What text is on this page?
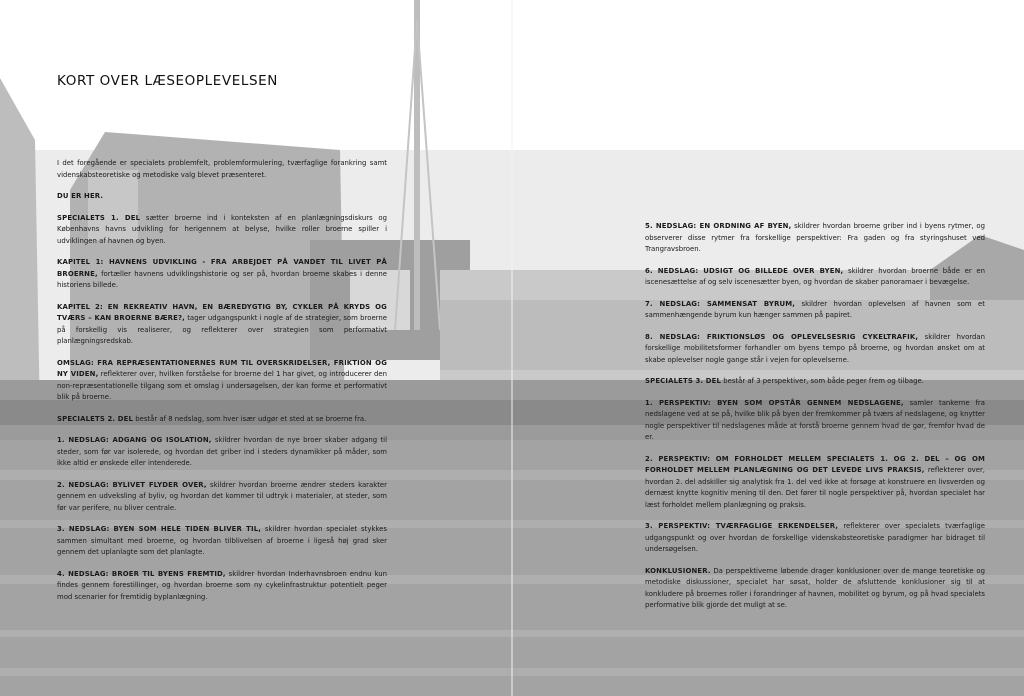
KORT OVER LÆSEOPLEVELSEN

I det foregående er specialets problemfelt, problemformulering, tværfaglige forankring samt videnskabsteoretiske og metodiske valg blevet præsenteret.

DU ER HER.

SPECIALETS 1. DEL sætter broerne ind i konteksten af en planlægningsdiskurs og Københavns havns udvikling for herigennem at belyse, hvilke roller broerne spiller i udviklingen af havnen og byen.

KAPITEL 1: HAVNENS UDVIKLING - FRA ARBEJDET PÅ VANDET TIL LIVET PÅ BROERNE, fortæller havnens udviklingshistorie og ser på, hvordan broerne skabes i denne historiens billede.

KAPITEL 2: EN REKREATIV HAVN, EN BÆREDYGTIG BY, CYKLER PÅ KRYDS OG TVÆRS – KAN BROERNE BÆRE?, tager udgangspunkt i nogle af de strategier, som broerne på forskellig vis realiserer, og reflekterer over strategien som performativt planlægningsredskab.

OMSLAG: FRA REPRÆSENTATIONERNES RUM TIL OVERSKRIDELSER, FRIKTION OG NY VIDEN, reflekterer over, hvilken forståelse for broerne del 1 har givet, og introducerer den non-repræsentationelle tilgang som et omslag i undersøgelsen, der kan forme et performativt blik på broerne.

SPECIALETS 2. DEL består af 8 nedslag, som hver især udgør et sted at se broerne fra.

1. NEDSLAG: ADGANG OG ISOLATION, skildrer hvordan de nye broer skaber adgang til steder, som før var isolerede, og hvordan det griber ind i steders dynamikker på måder, som ikke altid er ønskede eller intenderede.

2. NEDSLAG: BYLIVET FLYDER OVER, skildrer hvordan broerne ændrer steders karakter gennem en udveksling af byliv, og hvordan det kommer til udtryk i materialer, at steder, som før var perifere, nu bliver centrale.

3. NEDSLAG: BYEN SOM HELE TIDEN BLIVER TIL, skildrer hvordan specialet stykkes sammen simultant med broerne, og hvordan tilblivelsen af broerne i ligeså høj grad sker gennem det uplanlagte som det planlagte.

4. NEDSLAG: BROER TIL BYENS FREMTID, skildrer hvordan Inderhavnsbroen endnu kun findes gennem forestillinger, og hvordan broerne som ny cykelinfrastruktur potentielt peger mod scenarier for fremtidig byplanlægning.

5. NEDSLAG: EN ORDNING AF BYEN, skildrer hvordan broerne griber ind i byens rytmer, og observerer disse rytmer fra forskellige perspektiver: Fra gaden og fra styringshuset ved Trangravsbroen.

6. NEDSLAG: UDSIGT OG BILLEDE OVER BYEN, skildrer hvordan broerne både er en iscenesættelse af og selv iscenesætter byen, og hvordan de skaber panoramaer i bevægelse.

7. NEDSLAG: SAMMENSAT BYRUM, skildrer hvordan oplevelsen af havnen som et sammenhængende byrum kun hænger sammen på papiret.

8. NEDSLAG: FRIKTIONSLØS OG OPLEVELSESRIG CYKELTRAFIK, skildrer hvordan forskellige mobilitetsformer forhandler om byens tempo på broerne, og hvordan ønsket om at skabe oplevelser nogle gange står i vejen for oplevelserne.

SPECIALETS 3. DEL består af 3 perspektiver, som både peger frem og tilbage.

1. PERSPEKTIV: BYEN SOM OPSTÅR GENNEM NEDSLAGENE, samler tankerne fra nedslagene ved at se på, hvilke blik på byen der fremkommer på tværs af nedslagene, og knytter nogle perspektiver til nedslagenes måde at forstå broerne gennem hvad de gør, fremfor hvad de er.

2. PERSPEKTIV: OM FORHOLDET MELLEM SPECIALETS 1. OG 2. DEL – OG OM FORHOLDET MELLEM PLANLÆGNING OG DET LEVEDE LIVS PRAKSIS, reflekterer over, hvordan 2. del adskiller sig analytisk fra 1. del ved ikke at forsøge at konstruere en livsverden og dernæst knytte kognitiv mening til den. Det fører til nogle perspektiver på, hvordan specialet har læst forholdet mellem planlægning og praksis.

3. PERSPEKTIV: TVÆRFAGLIGE ERKENDELSER, reflekterer over specialets tværfaglige udgangspunkt og over hvordan de forskellige videnskabsteoretiske paradigmer har bidraget til undersøgelsen.

KONKLUSIONER. Da perspektiverne løbende drager konklusioner over de mange teoretiske og metodiske diskussioner, specialet har søsat, holder de afsluttende konklusioner sig til at konkludere på broernes roller i forandringer af havnen, mobilitet og byrum, og på hvad specialets performative blik gjorde det muligt at se.
